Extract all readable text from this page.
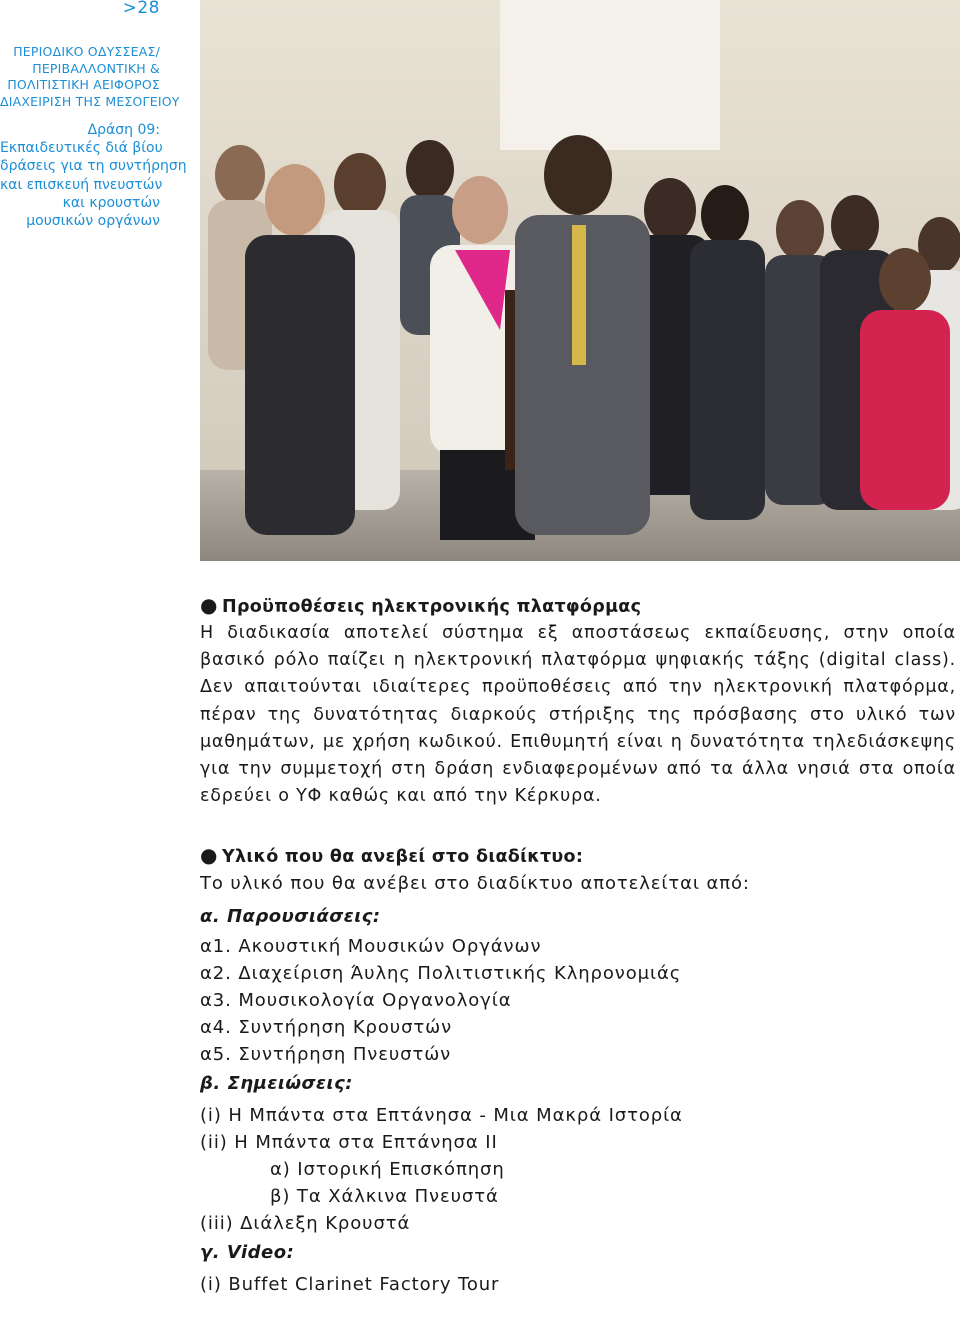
>28
ΠΕΡΙΟΔΙΚΟ ΟΔΥΣΣΕΑΣ/
ΠΕΡΙΒΑΛΛΟΝΤΙΚΗ &
ΠΟΛΙΤΙΣΤΙΚΗ ΑΕΙΦΟΡΟΣ
ΔΙΑΧΕΙΡΙΣΗ ΤΗΣ ΜΕΣΟΓΕΙΟΥ
Δράση 09:
Εκπαιδευτικές διά βίου
δράσεις για τη συντήρηση
και επισκευή πνευστών
και κρουστών
μουσικών οργάνων
● Προϋποθέσεις ηλεκτρονικής πλατφόρμας
Η διαδικασία αποτελεί σύστημα εξ αποστάσεως εκπαίδευσης, στην οποία βασικό ρόλο παίζει η ηλεκτρονική πλατφόρμα ψηφιακής τάξης (digital class). Δεν απαιτούνται ιδιαίτερες προϋποθέσεις από την ηλεκτρονική πλατφόρμα, πέραν της δυνατότητας διαρκούς στήριξης της πρόσβασης στο υλικό των μαθημάτων, με χρήση κωδικού. Επιθυμητή είναι η δυνατότητα τηλεδιάσκεψης για την συμμετοχή στη δράση ενδιαφερομένων από τα άλλα νησιά στα οποία εδρεύει ο ΥΦ καθώς και από την Κέρκυρα.
● Υλικό που θα ανεβεί στο διαδίκτυο:
Το υλικό που θα ανέβει στο διαδίκτυο αποτελείται από:
α. Παρουσιάσεις:
α1. Ακουστική Μουσικών Οργάνων
α2. Διαχείριση Άυλης Πολιτιστικής Κληρονομιάς
α3. Μουσικολογία Οργανολογία
α4. Συντήρηση Κρουστών
α5. Συντήρηση Πνευστών
β. Σημειώσεις:
(i) Η Μπάντα στα Επτάνησα - Μια Μακρά Ιστορία
(ii) Η Μπάντα στα Επτάνησα ΙΙ
α) Ιστορική Επισκόπηση
β) Τα Χάλκινα Πνευστά
(iii) Διάλεξη Κρουστά
γ. Video:
(i) Buffet Clarinet Factory Tour
